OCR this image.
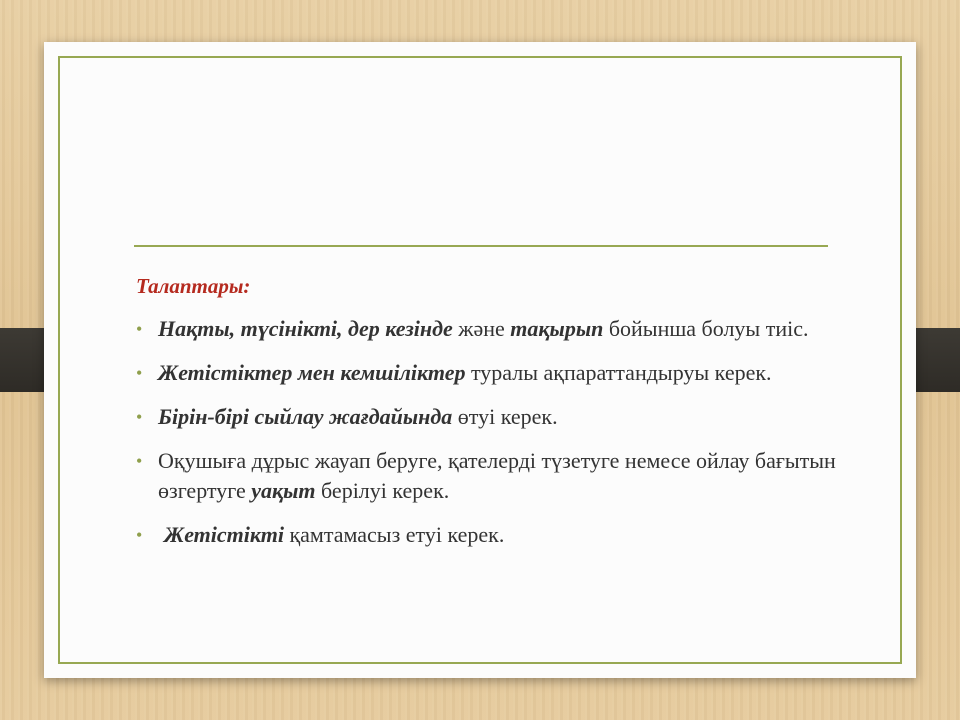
Талаптары:

• Нақты, түсінікті, дер кезінде және тақырып бойынша болуы тиіс.
• Жетістіктер мен кемшіліктер туралы ақпараттандыруы керек.
• Бірін-бірі сыйлау жағдайында өтуі керек.
• Оқушыға дұрыс жауап беруге, қателерді түзетуге немесе ойлау бағытын өзгертуге уақыт берілуі керек.
• Жетістікті қамтамасыз етуі керек.
